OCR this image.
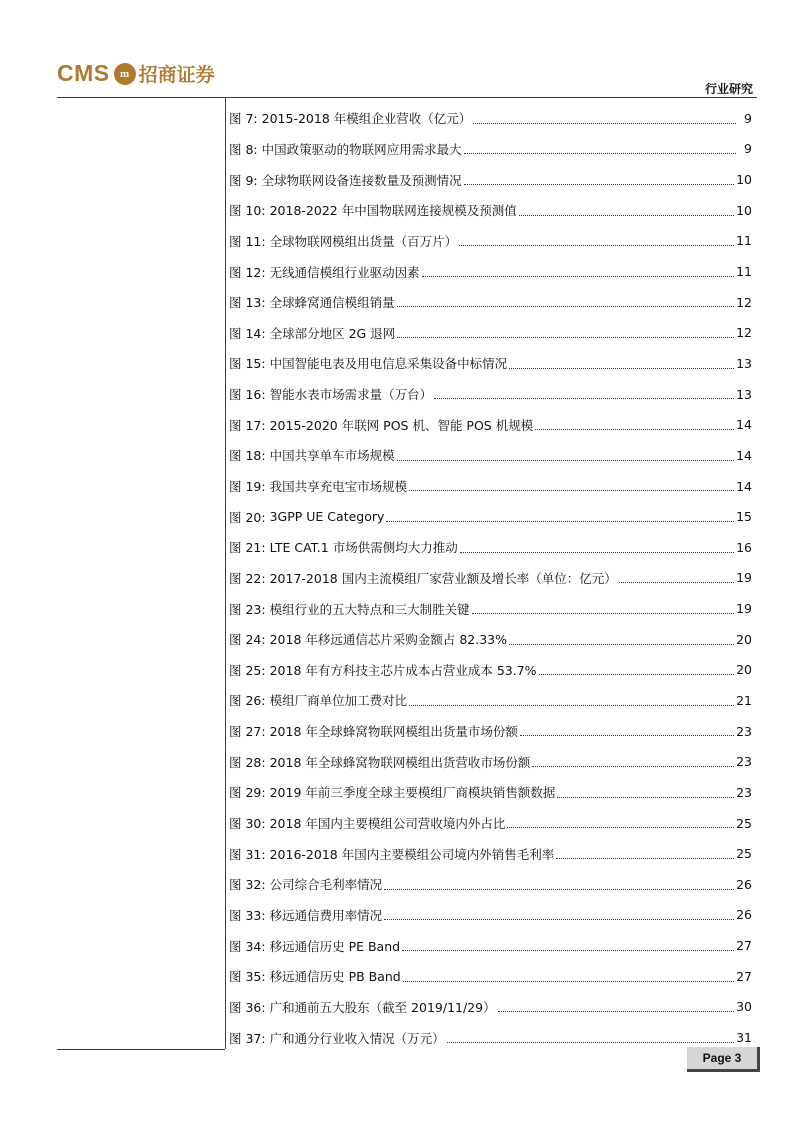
CMS m 招商证券
行业研究
图 7: 2015-2018 年模组企业营收（亿元）	9
图 8: 中国政策驱动的物联网应用需求最大	9
图 9: 全球物联网设备连接数量及预测情况	10
图 10: 2018-2022 年中国物联网连接规模及预测值	10
图 11: 全球物联网模组出货量（百万片）	11
图 12: 无线通信模组行业驱动因素	11
图 13: 全球蜂窝通信模组销量	12
图 14: 全球部分地区 2G 退网	12
图 15: 中国智能电表及用电信息采集设备中标情况	13
图 16: 智能水表市场需求量（万台）	13
图 17: 2015-2020 年联网 POS 机、智能 POS 机规模	14
图 18: 中国共享单车市场规模	14
图 19: 我国共享充电宝市场规模	14
图 20: 3GPP UE Category	15
图 21: LTE CAT.1 市场供需侧均大力推动	16
图 22: 2017-2018 国内主流模组厂家营业额及增长率（单位：亿元）	19
图 23: 模组行业的五大特点和三大制胜关键	19
图 24: 2018 年移远通信芯片采购金额占 82.33%	20
图 25: 2018 年有方科技主芯片成本占营业成本 53.7%	20
图 26: 模组厂商单位加工费对比	21
图 27: 2018 年全球蜂窝物联网模组出货量市场份额	23
图 28: 2018 年全球蜂窝物联网模组出货营收市场份额	23
图 29: 2019 年前三季度全球主要模组厂商模块销售额数据	23
图 30: 2018 年国内主要模组公司营收境内外占比	25
图 31: 2016-2018 年国内主要模组公司境内外销售毛利率	25
图 32: 公司综合毛利率情况	26
图 33: 移远通信费用率情况	26
图 34: 移远通信历史 PE Band	27
图 35: 移远通信历史 PB Band	27
图 36: 广和通前五大股东（截至 2019/11/29）	30
图 37: 广和通分行业收入情况（万元）	31
Page 3
